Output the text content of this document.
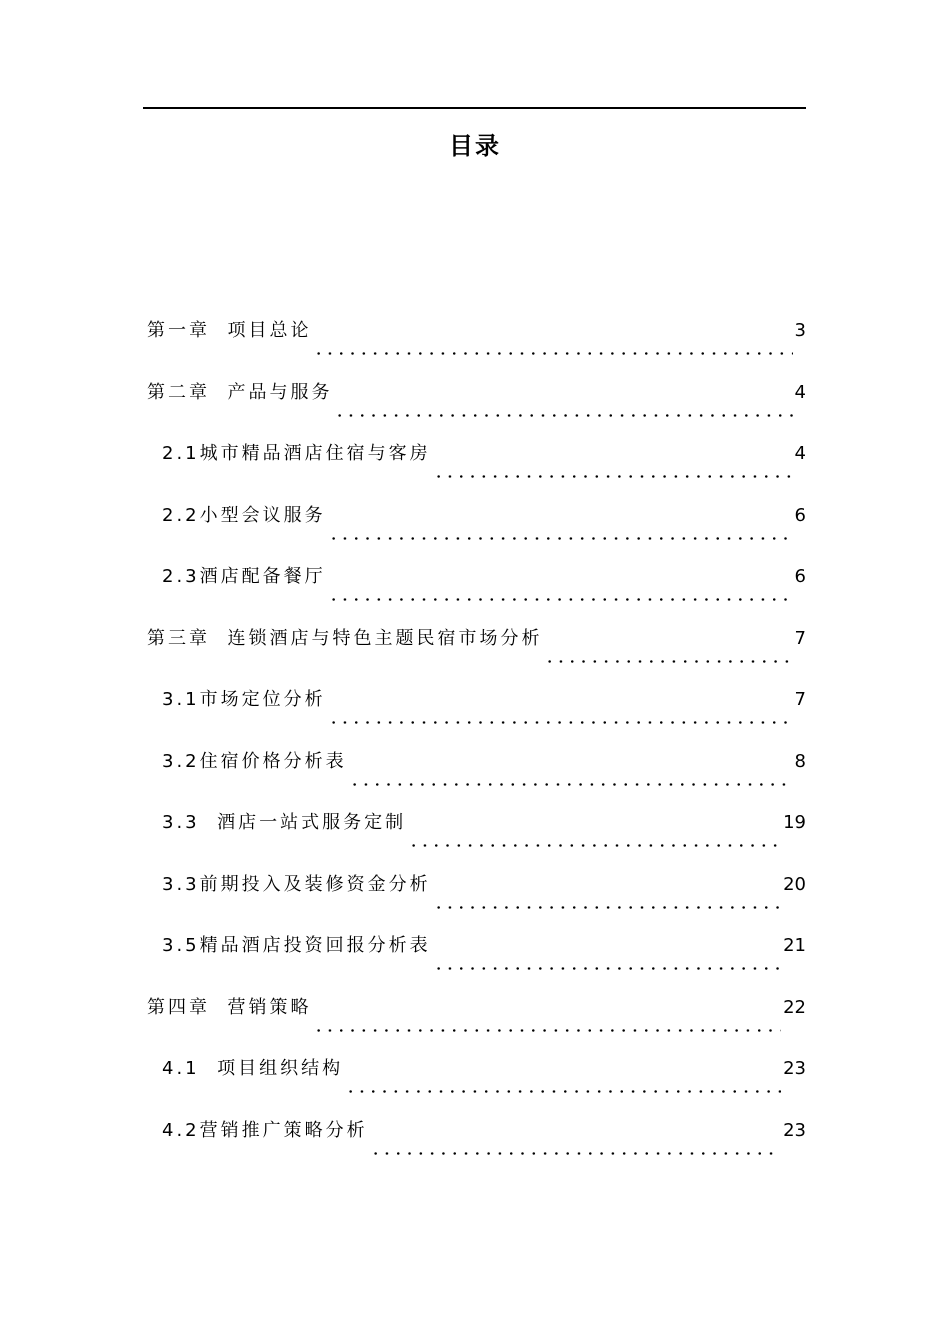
目录
第一章  项目总论	3
第二章  产品与服务	4
2.1城市精品酒店住宿与客房	4
2.2小型会议服务	6
2.3酒店配备餐厅	6
第三章  连锁酒店与特色主题民宿市场分析	7
3.1市场定位分析	7
3.2住宿价格分析表	8
3.3  酒店一站式服务定制	19
3.3前期投入及装修资金分析	20
3.5精品酒店投资回报分析表	21
第四章  营销策略	22
4.1  项目组织结构	23
4.2营销推广策略分析	23
